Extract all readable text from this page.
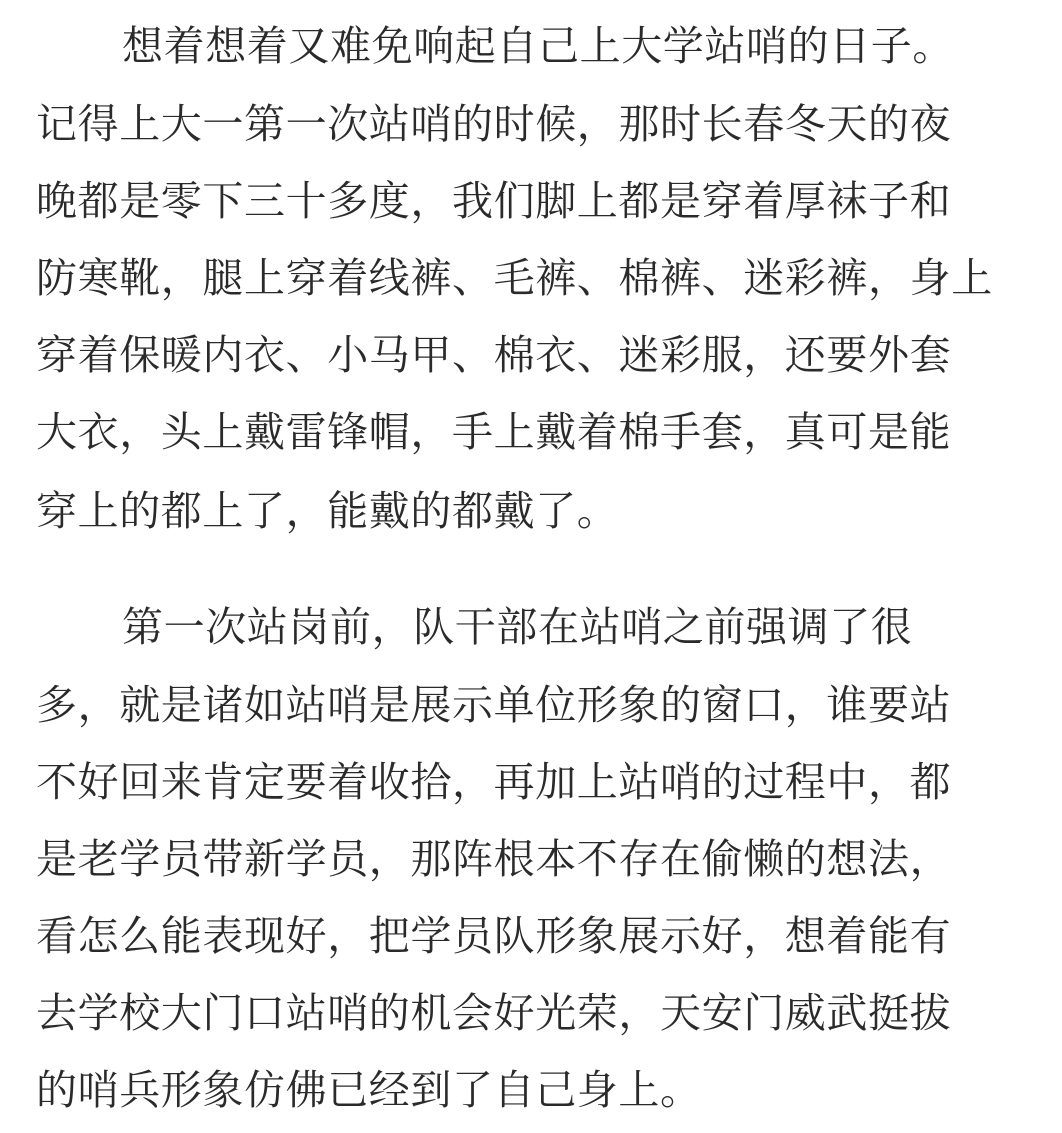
想着想着又难免响起自己上大学站哨的日子。
记得上大一第一次站哨的时候，那时长春冬天的夜
晚都是零下三十多度，我们脚上都是穿着厚袜子和
防寒靴，腿上穿着线裤、毛裤、棉裤、迷彩裤，身上
穿着保暖内衣、小马甲、棉衣、迷彩服，还要外套
大衣，头上戴雷锋帽，手上戴着棉手套，真可是能
穿上的都上了，能戴的都戴了。
第一次站岗前，队干部在站哨之前强调了很
多，就是诸如站哨是展示单位形象的窗口，谁要站
不好回来肯定要着收拾，再加上站哨的过程中，都
是老学员带新学员，那阵根本不存在偷懒的想法，
看怎么能表现好，把学员队形象展示好，想着能有
去学校大门口站哨的机会好光荣，天安门威武挺拔
的哨兵形象仿佛已经到了自己身上。
